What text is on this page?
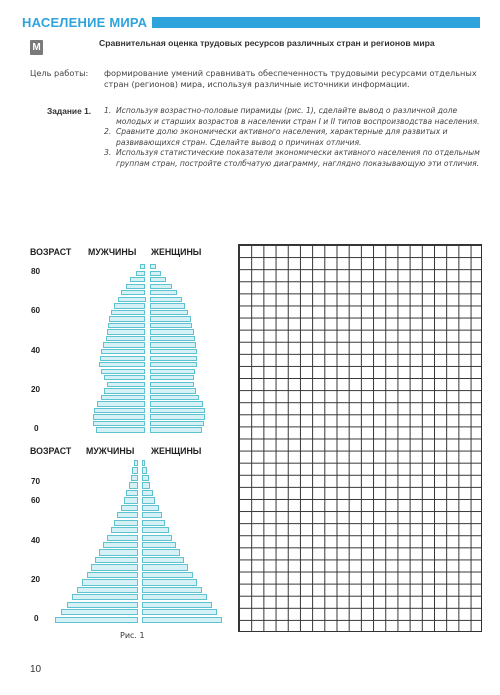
НАСЕЛЕНИЕ МИРА
М	Сравнительная оценка трудовых ресурсов различных стран и регионов мира
Цель работы: формирование умений сравнивать обеспеченность трудовыми ресурсами отдельных стран (регионов) мира, используя различные источники информации.
Задание 1. 1. Используя возрастно-половые пирамиды (рис. 1), сделайте вывод о различной доле молодых и старших возрастов в населении стран I и II типов воспроизводства населения.
2. Сравните долю экономически активного населения, характерные для развитых и развивающихся стран. Сделайте вывод о причинах отличия.
3. Используя статистические показатели экономически активного населения по отдельным группам стран, постройте столбчатую диаграмму, наглядно показывающую эти отличия.
ВОЗРАСТ МУЖЧИНЫ ЖЕНЩИНЫ
80
60
40
20
0
ВОЗРАСТ МУЖЧИНЫ ЖЕНЩИНЫ
70
60
40
20
0
Рис. 1
10
